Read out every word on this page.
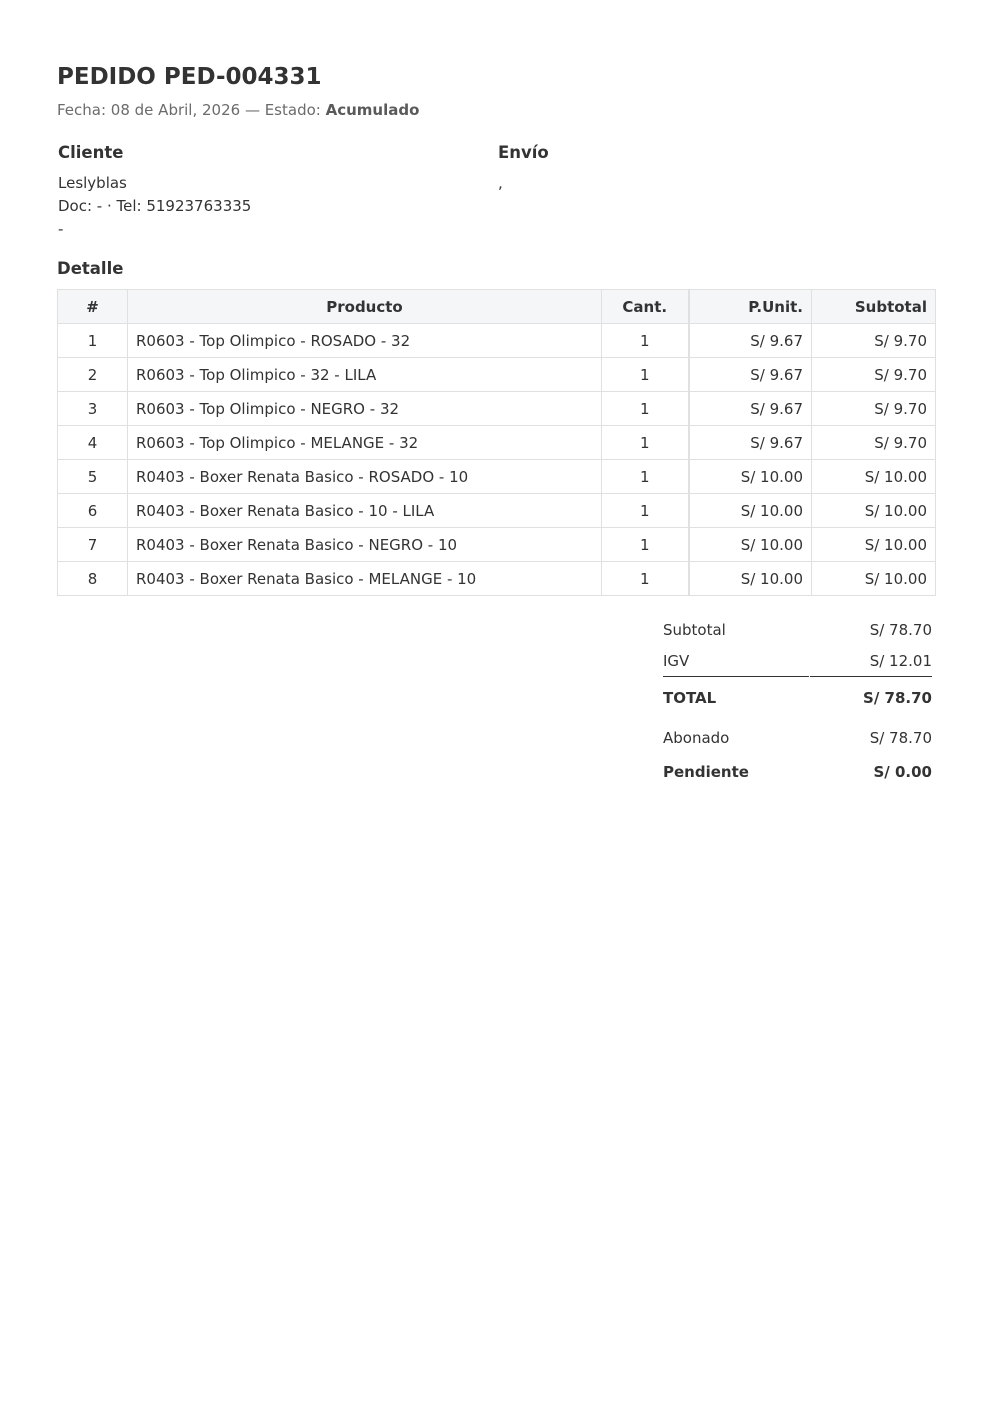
PEDIDO PED-004331
Fecha: 08 de Abril, 2026 — Estado: Acumulado
Cliente
Leslyblas
Doc: - · Tel: 51923763335
-
Envío
,
Detalle
#	Producto	Cant.	P.Unit.	Subtotal
1	R0603 - Top Olimpico - ROSADO - 32	1	S/ 9.67	S/ 9.70
2	R0603 - Top Olimpico - 32 - LILA	1	S/ 9.67	S/ 9.70
3	R0603 - Top Olimpico - NEGRO - 32	1	S/ 9.67	S/ 9.70
4	R0603 - Top Olimpico - MELANGE - 32	1	S/ 9.67	S/ 9.70
5	R0403 - Boxer Renata Basico - ROSADO - 10	1	S/ 10.00	S/ 10.00
6	R0403 - Boxer Renata Basico - 10 - LILA	1	S/ 10.00	S/ 10.00
7	R0403 - Boxer Renata Basico - NEGRO - 10	1	S/ 10.00	S/ 10.00
8	R0403 - Boxer Renata Basico - MELANGE - 10	1	S/ 10.00	S/ 10.00
Subtotal	S/ 78.70
IGV	S/ 12.01
TOTAL	S/ 78.70
Abonado	S/ 78.70
Pendiente	S/ 0.00
